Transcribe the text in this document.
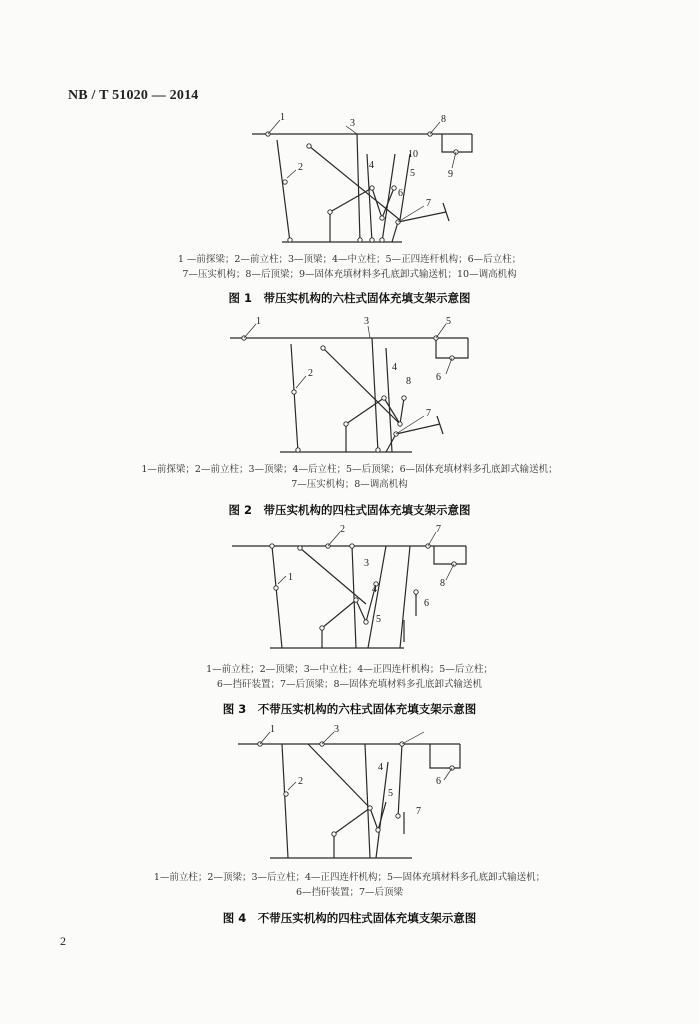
NB / T 51020 — 2014
1
2
3
4
5
6
7
8
9
10
1 —前探梁；2—前立柱；3—顶梁；4—中立柱；5—正四连杆机构；6—后立柱；
7—压实机构；8—后顶梁；9—固体充填材料多孔底卸式输送机；10—调高机构
图 1　带压实机构的六柱式固体充填支架示意图
1
2
3
4
5
6
7
8
1—前探梁；2—前立柱；3—顶梁；4—后立柱；5—后顶梁；6—固体充填材料多孔底卸式输送机；
7—压实机构；8—调高机构
图 2　带压实机构的四柱式固体充填支架示意图
1
2
3
4
5
6
7
8
1—前立柱；2—顶梁；3—中立柱；4—正四连杆机构；5—后立柱；
6—挡矸装置；7—后顶梁；8—固体充填材料多孔底卸式输送机
图 3　不带压实机构的六柱式固体充填支架示意图
1
2
3
4
5
6
7
1—前立柱；2—顶梁；3—后立柱；4—正四连杆机构；5—固体充填材料多孔底卸式输送机；
6—挡矸装置；7—后顶梁
图 4　不带压实机构的四柱式固体充填支架示意图
2
